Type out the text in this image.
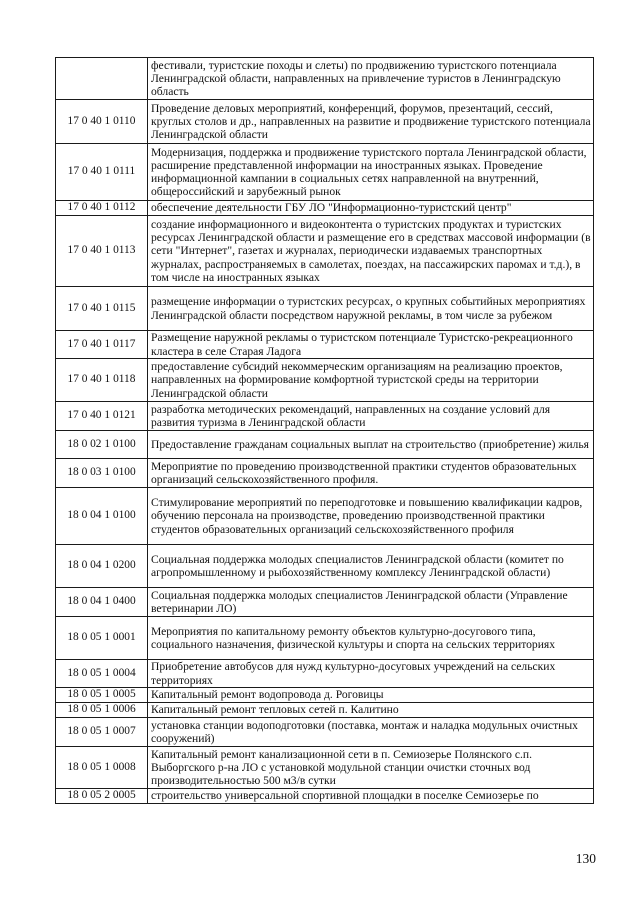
	фестивали, туристские походы и слеты) по продвижению туристского потенциала Ленинградской области, направленных на привлечение туристов в Ленинградскую область
17 0 40 1 0110	Проведение деловых мероприятий, конференций, форумов, презентаций, сессий, круглых столов и др., направленных на развитие и продвижение туристского потенциала Ленинградской области
17 0 40 1 0111	Модернизация, поддержка и продвижение туристского портала Ленинградской области, расширение представленной информации на иностранных языках. Проведение информационной кампании в социальных сетях направленной на внутренний, общероссийский и зарубежный рынок
17 0 40 1 0112	обеспечение деятельности ГБУ ЛО "Информационно-туристский центр"
17 0 40 1 0113	создание информационного и видеоконтента о туристских продуктах и туристских ресурсах Ленинградской области и размещение его в средствах массовой информации (в сети "Интернет", газетах и журналах, периодически издаваемых транспортных журналах, распространяемых в самолетах, поездах, на пассажирских паромах и т.д.), в том числе на иностранных языках
17 0 40 1 0115	размещение информации о туристских ресурсах, о крупных событийных мероприятиях Ленинградской области посредством наружной рекламы, в том числе за рубежом
17 0 40 1 0117	Размещение наружной рекламы о туристском потенциале Туристско-рекреационного кластера в селе Старая Ладога
17 0 40 1 0118	предоставление субсидий некоммерческим организациям на реализацию проектов, направленных на формирование комфортной туристской среды на территории Ленинградской области
17 0 40 1 0121	разработка методических рекомендаций, направленных на создание условий для развития туризма в Ленинградской области
18 0 02 1 0100	Предоставление гражданам социальных выплат на строительство (приобретение) жилья
18 0 03 1 0100	Мероприятие по проведению производственной практики студентов образовательных организаций сельскохозяйственного профиля.
18 0 04 1 0100	Стимулирование мероприятий по переподготовке и повышению квалификации кадров, обучению персонала на производстве, проведению производственной практики студентов образовательных организаций сельскохозяйственного профиля
18 0 04 1 0200	Социальная поддержка молодых специалистов Ленинградской области (комитет по агропромышленному и рыбохозяйственному комплексу Ленинградской области)
18 0 04 1 0400	Социальная поддержка молодых специалистов Ленинградской области (Управление ветеринарии ЛО)
18 0 05 1 0001	Мероприятия по капитальному ремонту объектов культурно-досугового типа, социального назначения, физической культуры и спорта на сельских территориях
18 0 05 1 0004	Приобретение автобусов для нужд культурно-досуговых учреждений на сельских территориях
18 0 05 1 0005	Капитальный ремонт водопровода д. Роговицы
18 0 05 1 0006	Капитальный ремонт тепловых сетей п. Калитино
18 0 05 1 0007	установка станции водоподготовки (поставка, монтаж и наладка модульных очистных сооружений)
18 0 05 1 0008	Капитальный ремонт канализационной сети в п. Семиозерье Полянского с.п. Выборгского р-на ЛО с установкой модульной станции очистки сточных вод производительностью 500 м3/в сутки
18 0 05 2 0005	строительство универсальной спортивной площадки в поселке Семиозерье по
130
